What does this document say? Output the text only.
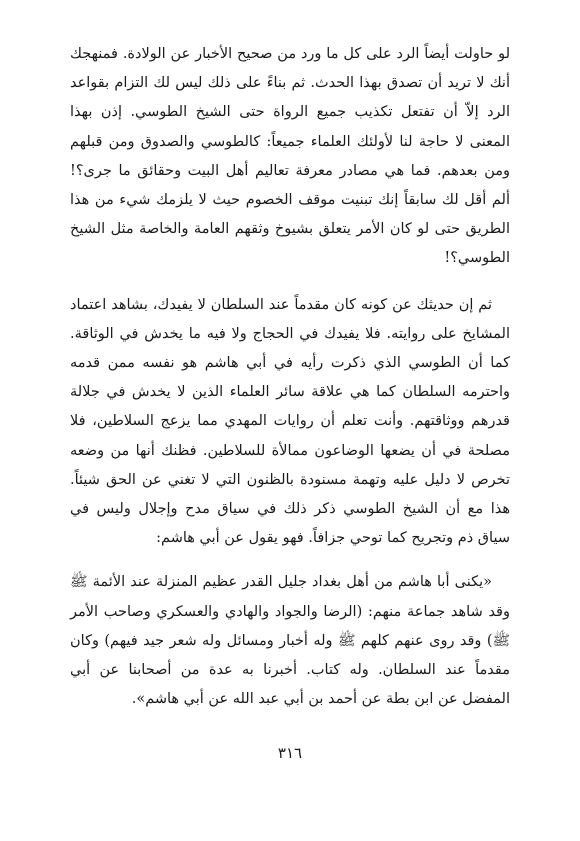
لو حاولت أيضاً الرد على كل ما ورد من صحيح الأخبار عن الولادة. فمنهجك أنك لا تريد أن تصدق بهذا الحدث. ثم بناءً على ذلك ليس لك التزام بقواعد الرد إلاّ أن تفتعل تكذيب جميع الرواة حتى الشيخ الطوسي. إذن بهذا المعنى لا حاجة لنا لأولئك العلماء جميعاً: كالطوسي والصدوق ومن قبلهم ومن بعدهم. فما هي مصادر معرفة تعاليم أهل البيت وحقائق ما جرى؟! ألم أقل لك سابقاً إنك تبنيت موقف الخصوم حيث لا يلزمك شيء من هذا الطريق حتى لو كان الأمر يتعلق بشيوخ وثقهم العامة والخاصة مثل الشيخ الطوسي؟!

ثم إن حديثك عن كونه كان مقدماً عند السلطان لا يفيدك، بشاهد اعتماد المشايخ على روايته. فلا يفيدك في الحجاج ولا فيه ما يخدش في الوثاقة. كما أن الطوسي الذي ذكرت رأيه في أبي هاشم هو نفسه ممن قدمه واحترمه السلطان كما هي علاقة سائر العلماء الذين لا يخدش في جلالة قدرهم ووثاقتهم. وأنت تعلم أن روايات المهدي مما يزعج السلاطين، فلا مصلحة في أن يضعها الوضاعون ممالأة للسلاطين. فظنك أنها من وضعه تخرص لا دليل عليه وتهمة مسنودة بالظنون التي لا تغني عن الحق شيئاً. هذا مع أن الشيخ الطوسي ذكر ذلك في سياق مدح وإجلال وليس في سياق ذم وتجريح كما توحي جزافاً. فهو يقول عن أبي هاشم:

«يكنى أبا هاشم من أهل بغداد جليل القدر عظيم المنزلة عند الأئمة ﷺ وقد شاهد جماعة منهم: (الرضا والجواد والهادي والعسكري وصاحب الأمر ﷺ) وقد روى عنهم كلهم ﷺ وله أخبار ومسائل وله شعر جيد فيهم) وكان مقدماً عند السلطان. وله كتاب. أخبرنا به عدة من أصحابنا عن أبي المفضل عن ابن بطة عن أحمد بن أبي عبد الله عن أبي هاشم».

٣١٦
